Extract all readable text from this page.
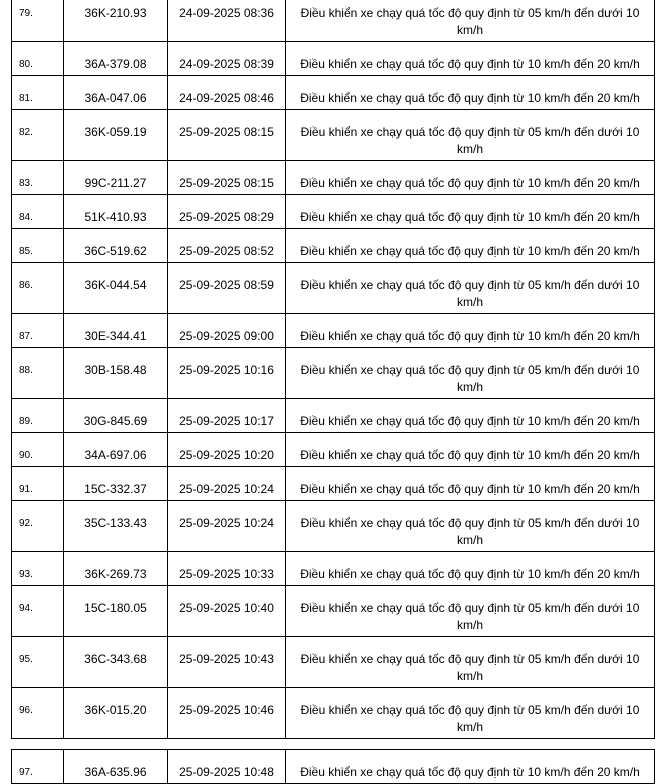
79.	36K-210.93	24-09-2025 08:36	Điều khiển xe chạy quá tốc độ quy định từ 05 km/h đến dưới 10 km/h
80.	36A-379.08	24-09-2025 08:39	Điều khiển xe chạy quá tốc độ quy định từ 10 km/h đến 20 km/h
81.	36A-047.06	24-09-2025 08:46	Điều khiển xe chạy quá tốc độ quy định từ 10 km/h đến 20 km/h
82.	36K-059.19	25-09-2025 08:15	Điều khiển xe chạy quá tốc độ quy định từ 05 km/h đến dưới 10 km/h
83.	99C-211.27	25-09-2025 08:15	Điều khiển xe chạy quá tốc độ quy định từ 10 km/h đến 20 km/h
84.	51K-410.93	25-09-2025 08:29	Điều khiển xe chạy quá tốc độ quy định từ 10 km/h đến 20 km/h
85.	36C-519.62	25-09-2025 08:52	Điều khiển xe chạy quá tốc độ quy định từ 10 km/h đến 20 km/h
86.	36K-044.54	25-09-2025 08:59	Điều khiển xe chạy quá tốc độ quy định từ 05 km/h đến dưới 10 km/h
87.	30E-344.41	25-09-2025 09:00	Điều khiển xe chạy quá tốc độ quy định từ 10 km/h đến 20 km/h
88.	30B-158.48	25-09-2025 10:16	Điều khiển xe chạy quá tốc độ quy định từ 05 km/h đến dưới 10 km/h
89.	30G-845.69	25-09-2025 10:17	Điều khiển xe chạy quá tốc độ quy định từ 10 km/h đến 20 km/h
90.	34A-697.06	25-09-2025 10:20	Điều khiển xe chạy quá tốc độ quy định từ 10 km/h đến 20 km/h
91.	15C-332.37	25-09-2025 10:24	Điều khiển xe chạy quá tốc độ quy định từ 10 km/h đến 20 km/h
92.	35C-133.43	25-09-2025 10:24	Điều khiển xe chạy quá tốc độ quy định từ 05 km/h đến dưới 10 km/h
93.	36K-269.73	25-09-2025 10:33	Điều khiển xe chạy quá tốc độ quy định từ 10 km/h đến 20 km/h
94.	15C-180.05	25-09-2025 10:40	Điều khiển xe chạy quá tốc độ quy định từ 05 km/h đến dưới 10 km/h
95.	36C-343.68	25-09-2025 10:43	Điều khiển xe chạy quá tốc độ quy định từ 05 km/h đến dưới 10 km/h
96.	36K-015.20	25-09-2025 10:46	Điều khiển xe chạy quá tốc độ quy định từ 05 km/h đến dưới 10 km/h

97.	36A-635.96	25-09-2025 10:48	Điều khiển xe chạy quá tốc độ quy định từ 10 km/h đến 20 km/h
